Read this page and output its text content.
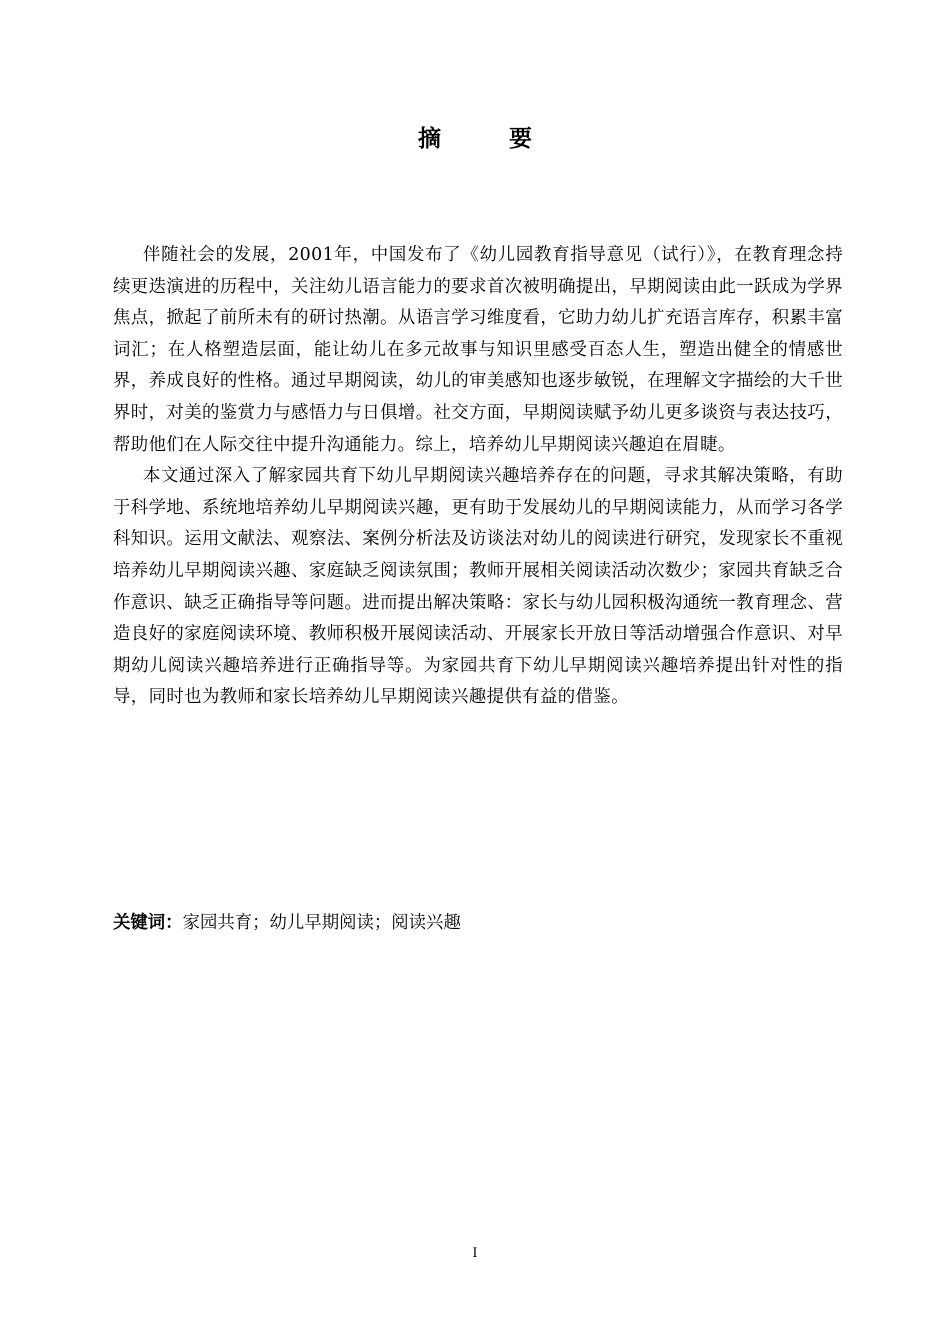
摘 要

伴随社会的发展，2001年，中国发布了《幼儿园教育指导意见（试行）》，在教育理念持续更迭演进的历程中，关注幼儿语言能力的要求首次被明确提出，早期阅读由此一跃成为学界焦点，掀起了前所未有的研讨热潮。从语言学习维度看，它助力幼儿扩充语言库存，积累丰富词汇；在人格塑造层面，能让幼儿在多元故事与知识里感受百态人生，塑造出健全的情感世界，养成良好的性格。通过早期阅读，幼儿的审美感知也逐步敏锐，在理解文字描绘的大千世界时，对美的鉴赏力与感悟力与日俱增。社交方面，早期阅读赋予幼儿更多谈资与表达技巧，帮助他们在人际交往中提升沟通能力。综上，培养幼儿早期阅读兴趣迫在眉睫。

本文通过深入了解家园共育下幼儿早期阅读兴趣培养存在的问题，寻求其解决策略，有助于科学地、系统地培养幼儿早期阅读兴趣，更有助于发展幼儿的早期阅读能力，从而学习各学科知识。运用文献法、观察法、案例分析法及访谈法对幼儿的阅读进行研究，发现家长不重视培养幼儿早期阅读兴趣、家庭缺乏阅读氛围；教师开展相关阅读活动次数少；家园共育缺乏合作意识、缺乏正确指导等问题。进而提出解决策略：家长与幼儿园积极沟通统一教育理念、营造良好的家庭阅读环境、教师积极开展阅读活动、开展家长开放日等活动增强合作意识、对早期幼儿阅读兴趣培养进行正确指导等。为家园共育下幼儿早期阅读兴趣培养提出针对性的指导，同时也为教师和家长培养幼儿早期阅读兴趣提供有益的借鉴。

关键词：家园共育；幼儿早期阅读；阅读兴趣
I
